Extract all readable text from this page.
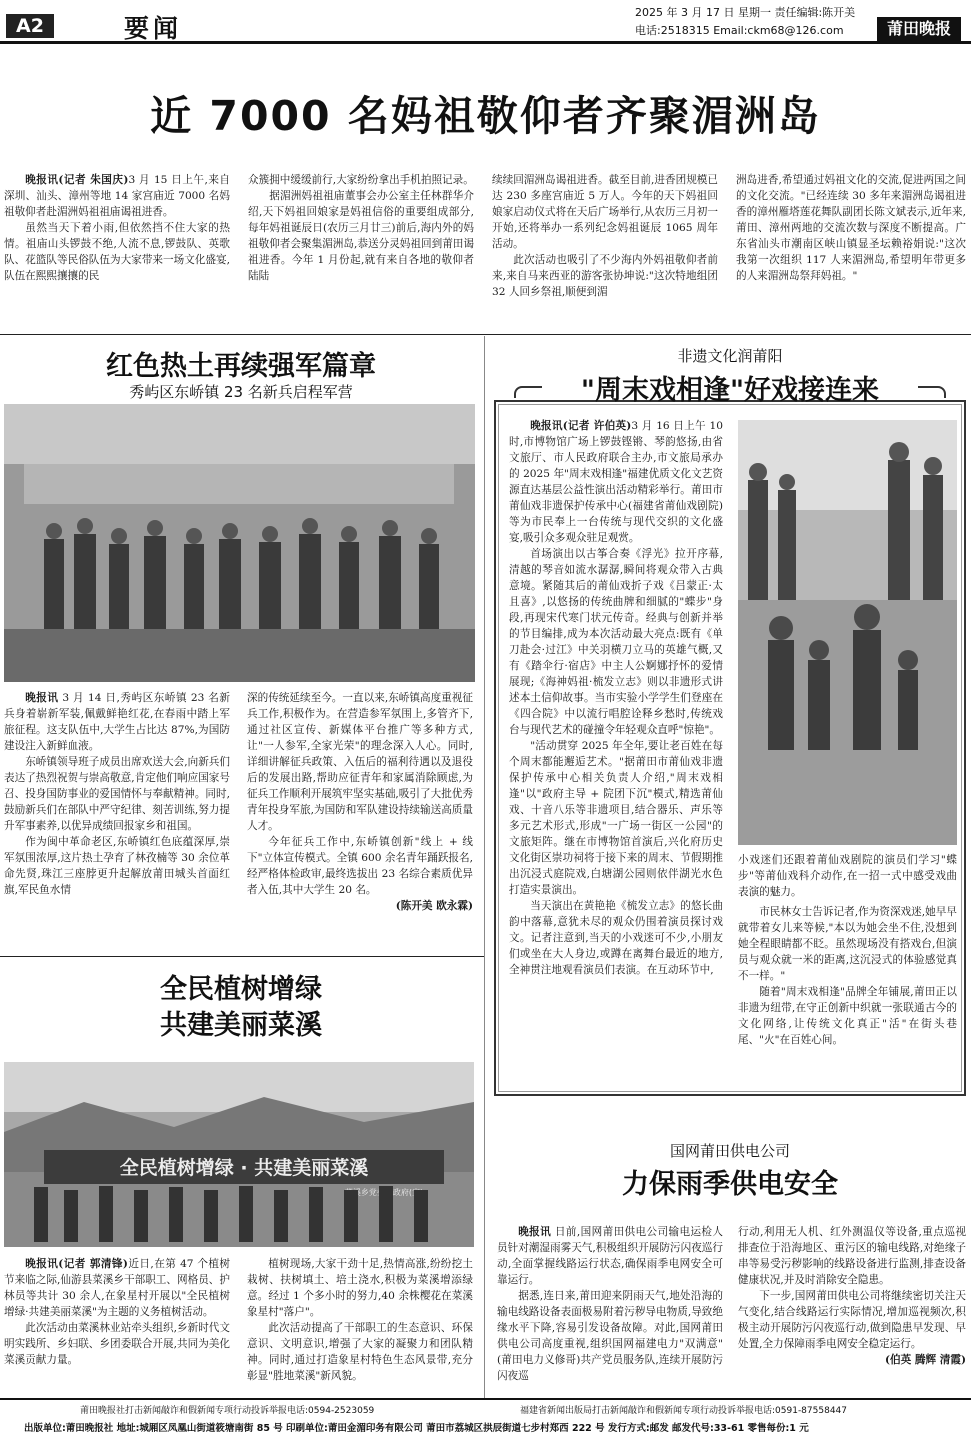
A2	要闻
2025 年 3 月 17 日 星期一 责任编辑:陈开美
电话:2518315 Email:ckm68@126.com	莆田晚报
近 7000 名妈祖敬仰者齐聚湄洲岛

晚报讯(记者 朱国庆)3 月 15 日上午,来自深圳、汕头、漳州等地 14 家宫庙近 7000 名妈祖敬仰者赴湄洲妈祖祖庙谒祖进香。

虽然当天下着小雨,但依然挡不住大家的热情。祖庙山头锣鼓不绝,人流不息,锣鼓队、英歌队、花篮队等民俗队伍为大家带来一场文化盛宴,队伍在熙熙攘攘的民

众簇拥中缓缓前行,大家纷纷拿出手机拍照记录。

据湄洲妈祖祖庙董事会办公室主任林群华介绍,天下妈祖回娘家是妈祖信俗的重要组成部分,每年妈祖诞辰日(农历三月廿三)前后,海内外的妈祖敬仰者会聚集湄洲岛,恭送分灵妈祖回到莆田谒祖进香。今年 1 月份起,就有来自各地的敬仰者陆陆

续续回湄洲岛谒祖进香。截至目前,进香团规模已达 230 多座宫庙近 5 万人。今年的天下妈祖回娘家启动仪式将在天后广场举行,从农历三月初一开始,还将举办一系列纪念妈祖诞辰 1065 周年活动。

此次活动也吸引了不少海内外妈祖敬仰者前来,来自马来西亚的游客张协坤说:"这次特地组团 32 人回乡祭祖,顺便到湄

洲岛进香,希望通过妈祖文化的交流,促进两国之间的文化交流。"已经连续 30 多年来湄洲岛谒祖进香的漳州雁塔莲花舞队副团长陈文斌表示,近年来,莆田、漳州两地的交流次数与深度不断提高。广东省汕头市潮南区峡山镇显圣坛赖裕娟说:"这次我第一次组织 117 人来湄洲岛,希望明年带更多的人来湄洲岛祭拜妈祖。"

红色热土再续强军篇章
秀屿区东峤镇 23 名新兵启程军营

晚报讯 3 月 14 日,秀屿区东峤镇 23 名新兵身着崭新军装,佩戴鲜艳红花,在春雨中踏上军旅征程。这支队伍中,大学生占比达 87%,为国防建设注入新鲜血液。

东峤镇领导班子成员出席欢送大会,向新兵们表达了热烈祝贺与崇高敬意,肯定他们响应国家号召、投身国防事业的爱国情怀与奉献精神。同时,鼓励新兵们在部队中严守纪律、刻苦训练,努力提升军事素养,以优异成绩回报家乡和祖国。

作为闽中革命老区,东峤镇红色底蕴深厚,崇军氛围浓厚,这片热土孕育了林孜楠等 30 余位革命先贤,珠江三座脖更升起解放莆田城头首面红旗,军民鱼水情

深的传统延续至今。一直以来,东峤镇高度重视征兵工作,积极作为。在营造参军氛围上,多管齐下,通过社区宣传、新媒体平台推广等多种方式,让"一人参军,全家光荣"的理念深入人心。同时,详细讲解征兵政策、入伍后的福利待遇以及退役后的发展出路,帮助应征青年和家属消除顾虑,为征兵工作顺利开展筑牢坚实基础,吸引了大批优秀青年投身军旅,为国防和军队建设持续输送高质量人才。

今年征兵工作中,东峤镇创新"线上 + 线下"立体宣传模式。全镇 600 余名青年踊跃报名,经严格体检政审,最终选拔出 23 名综合素质优异者入伍,其中大学生 20 名。

(陈开美 欧永霖)

全民植树增绿
共建美丽菜溪
全民植树增绿 · 共建美丽菜溪

晚报讯(记者 郭清锋)近日,在第 47 个植树节来临之际,仙游县菜溪乡干部职工、网格员、护林员等共计 30 余人,在象星村开展以"全民植树增绿·共建美丽菜溪"为主题的义务植树活动。

此次活动由菜溪林业站牵头组织,乡新时代文明实践所、乡妇联、乡团委联合开展,共同为美化菜溪贡献力量。

植树现场,大家干劲十足,热情高涨,纷纷挖土栽树、扶树填土、培土浇水,积极为菜溪增添绿意。经过 1 个多小时的努力,40 余株樱花在菜溪象星村"落户"。

此次活动提高了干部职工的生态意识、环保意识、文明意识,增强了大家的凝聚力和团队精神。同时,通过打造象星村特色生态风景带,充分彰显"胜地菜溪"新风貌。

非遗文化润莆阳
"周末戏相逢"好戏接连来

晚报讯(记者 许伯英)3 月 16 日上午 10 时,市博物馆广场上锣鼓铿锵、琴韵悠扬,由省文旅厅、市人民政府联合主办,市文旅局承办的 2025 年"周末戏相逢"福建优质文化文艺资源直达基层公益性演出活动精彩举行。莆田市莆仙戏非遗保护传承中心(福建省莆仙戏剧院)等为市民奉上一台传统与现代交织的文化盛宴,吸引众多观众驻足观赏。

首场演出以古筝合奏《浮光》拉开序幕,清越的琴音如流水潺潺,瞬间将观众带入古典意境。紧随其后的莆仙戏折子戏《吕蒙正·太且喜》,以悠扬的传统曲牌和细腻的"蝶步"身段,再现宋代寒门状元传奇。经典与创新并举的节目编排,成为本次活动最大亮点:既有《单刀赴会·过江》中关羽横刀立马的英雄气概,又有《踏伞行·宿店》中主人公婀娜抒怀的爱情展现;《海神妈祖·梳发立志》则以非遗形式讲述本土信仰故事。当市实验小学学生们登座在《四合院》中以流行唱腔诠释乡愁时,传统戏台与现代艺术的碰撞令年轻观众直呼"惊艳"。

"活动贯穿 2025 年全年,要让老百姓在每个周末都能邂逅艺术。"据莆田市莆仙戏非遗保护传承中心相关负责人介绍,"周末戏相逢"以"政府主导 + 院团下沉"模式,精选莆仙戏、十音八乐等非遗项目,结合器乐、声乐等多元艺术形式,形成"一广场一街区一公园"的文旅矩阵。继在市博物馆首演后,兴化府历史文化街区崇功祠将于接下来的周末、节假期推出沉浸式庭院戏,白塘湖公园则依伴湖光水色打造实景演出。

当天演出在黄艳艳《梳发立志》的悠长曲韵中落幕,意犹未尽的观众仍围着演员探讨戏文。记者注意到,当天的小戏迷可不少,小朋友们或坐在大人身边,或蹲在离舞台最近的地方,全神贯注地观看演员们表演。在互动环节中,

小戏迷们还跟着莆仙戏剧院的演员们学习"蝶步"等莆仙戏科介动作,在一招一式中感受戏曲表演的魅力。

市民林女士告诉记者,作为资深戏迷,她早早就带着女儿来等候,"本以为她会坐不住,没想到她全程眼睛都不眨。虽然现场没有搭戏台,但演员与观众就一米的距离,这沉浸式的体验感觉真不一样。"

随着"周末戏相逢"品牌全年铺展,莆田正以非遗为纽带,在守正创新中织就一张联通古今的文化网络,让传统文化真正"活"在街头巷尾、"火"在百姓心间。

国网莆田供电公司
力保雨季供电安全

晚报讯 日前,国网莆田供电公司输电运检人员针对潮湿雨雾天气,积极组织开展防污闪夜巡行动,全面掌握线路运行状态,确保雨季电网安全可靠运行。

据悉,连日来,莆田迎来阴雨天气,地处沿海的输电线路设备表面极易附着污秽导电物质,导致绝缘水平下降,容易引发设备故障。对此,国网莆田供电公司高度重视,组织国网福建电力"双满意"(莆田电力义修哥)共产党员服务队,连续开展防污闪夜巡

行动,利用无人机、红外测温仪等设备,重点巡视排查位于沿海地区、重污区的输电线路,对绝缘子串等易受污秽影响的线路设备进行监测,排查设备健康状况,并及时消除安全隐患。

下一步,国网莆田供电公司将继续密切关注天气变化,结合线路运行实际情况,增加巡视频次,积极主动开展防污闪夜巡行动,做到隐患早发现、早处置,全力保障雨季电网安全稳定运行。

(伯英 腾辉 清霞)

莆田晚报社打击新闻敲诈和假新闻专项行动投诉举报电话:0594-2523059	福建省新闻出版局打击新闻敲诈和假新闻专项行动投诉举报电话:0591-87558447
出版单位:莆田晚报社 地址:城厢区凤凰山街道筱塘南街 85 号 印刷单位:莆田金湄印务有限公司 莆田市荔城区拱辰街道七步村郑西 222 号 发行方式:邮发 邮发代号:33-61 零售每份:1 元
